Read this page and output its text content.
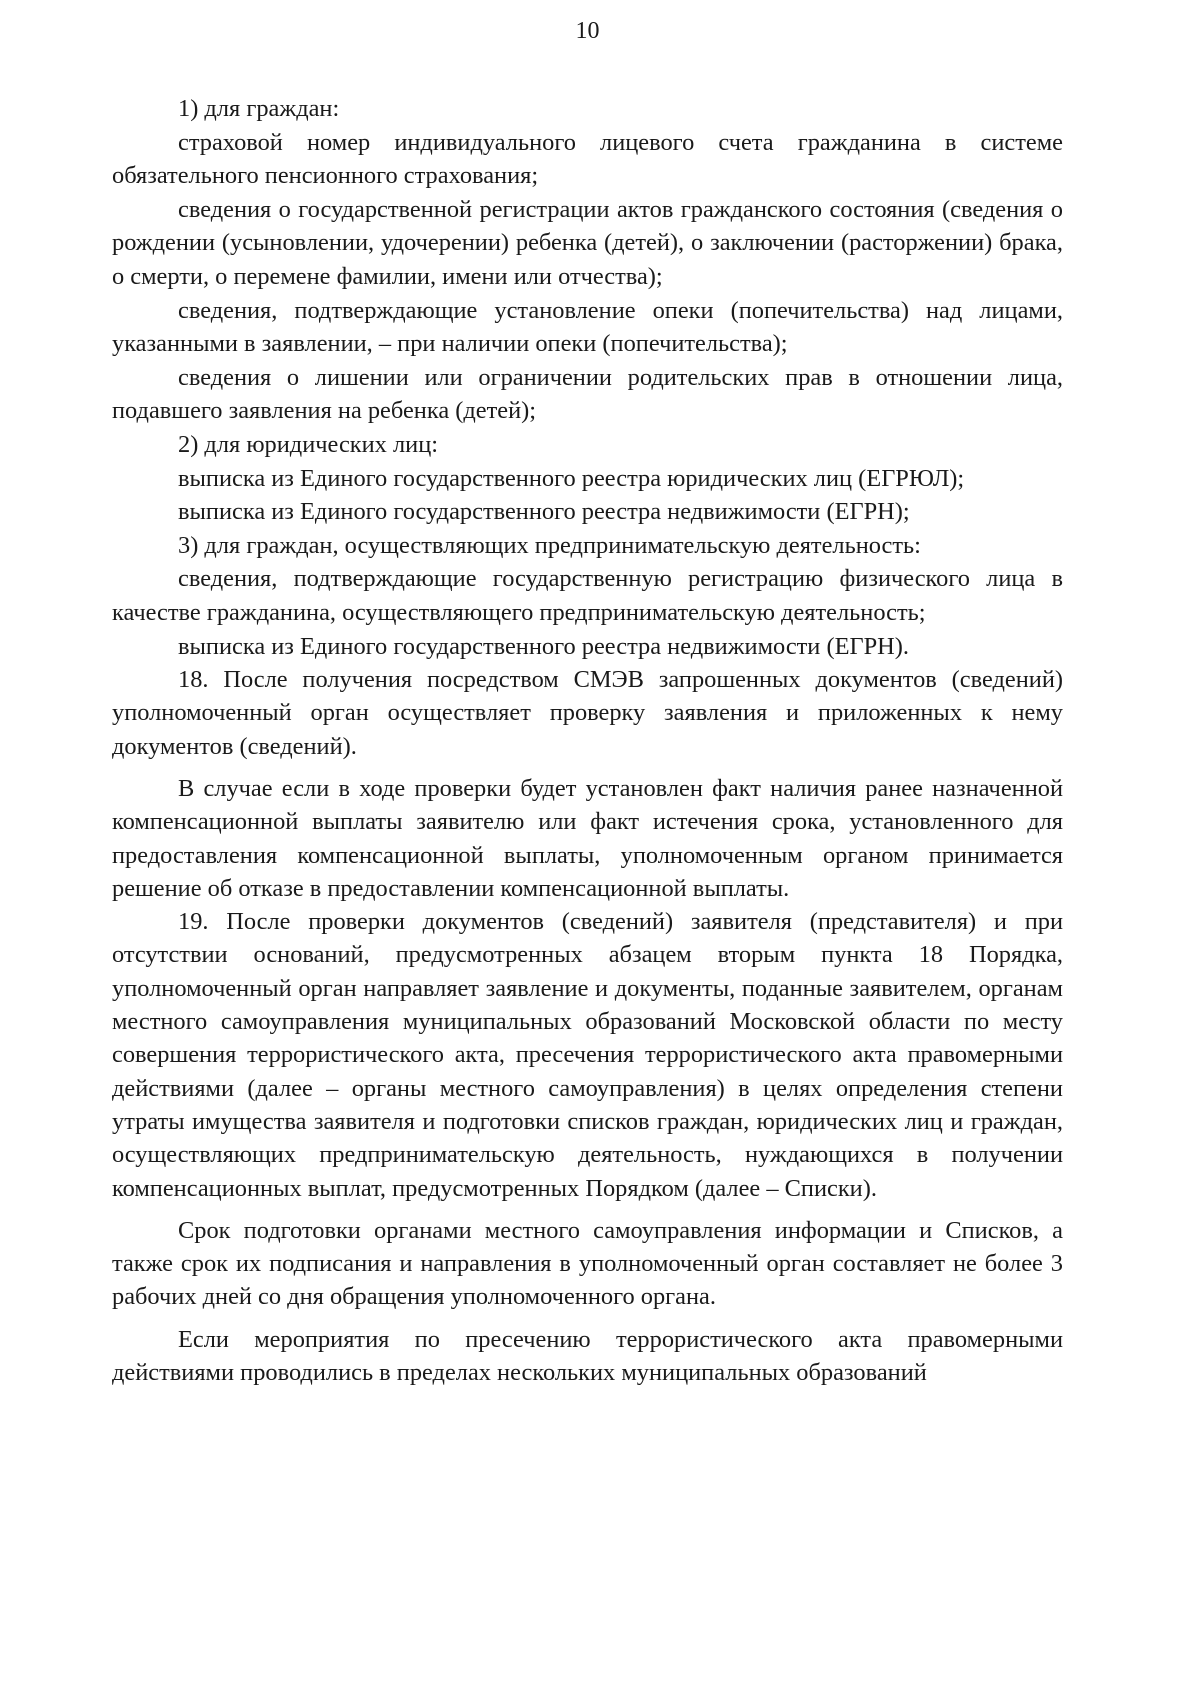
10

1) для граждан:

страховой номер индивидуального лицевого счета гражданина в системе обязательного пенсионного страхования;

сведения о государственной регистрации актов гражданского состояния (сведения о рождении (усыновлении, удочерении) ребенка (детей), о заключении (расторжении) брака, о смерти, о перемене фамилии, имени или отчества);

сведения, подтверждающие установление опеки (попечительства) над лицами, указанными в заявлении, – при наличии опеки (попечительства);

сведения о лишении или ограничении родительских прав в отношении лица, подавшего заявления на ребенка (детей);

2) для юридических лиц:

выписка из Единого государственного реестра юридических лиц (ЕГРЮЛ);

выписка из Единого государственного реестра недвижимости (ЕГРН);

3) для граждан, осуществляющих предпринимательскую деятельность:

сведения, подтверждающие государственную регистрацию физического лица в качестве гражданина, осуществляющего предпринимательскую деятельность;

выписка из Единого государственного реестра недвижимости (ЕГРН).

18. После получения посредством СМЭВ запрошенных документов (сведений) уполномоченный орган осуществляет проверку заявления и приложенных к нему документов (сведений).

В случае если в ходе проверки будет установлен факт наличия ранее назначенной компенсационной выплаты заявителю или факт истечения срока, установленного для предоставления компенсационной выплаты, уполномоченным органом принимается решение об отказе в предоставлении компенсационной выплаты.

19. После проверки документов (сведений) заявителя (представителя) и при отсутствии оснований, предусмотренных абзацем вторым пункта 18 Порядка, уполномоченный орган направляет заявление и документы, поданные заявителем, органам местного самоуправления муниципальных образований Московской области по месту совершения террористического акта, пресечения террористического акта правомерными действиями (далее – органы местного самоуправления) в целях определения степени утраты имущества заявителя и подготовки списков граждан, юридических лиц и граждан, осуществляющих предпринимательскую деятельность, нуждающихся в получении компенсационных выплат, предусмотренных Порядком (далее – Списки).

Срок подготовки органами местного самоуправления информации и Списков, а также срок их подписания и направления в уполномоченный орган составляет не более 3 рабочих дней со дня обращения уполномоченного органа.

Если мероприятия по пресечению террористического акта правомерными действиями проводились в пределах нескольких муниципальных образований
